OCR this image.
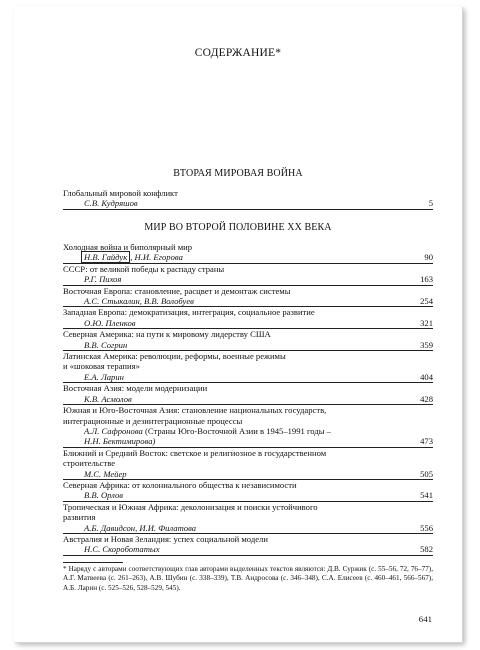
СОДЕРЖАНИЕ*
ВТОРАЯ МИРОВАЯ ВОЙНА
Глобальный мировой конфликт
С.В. Кудряшов	5
МИР ВО ВТОРОЙ ПОЛОВИНЕ XX ВЕКА
Холодная война и биполярный мир
Н.В. Гайдук , Н.И. Егорова	90
СССР: от великой победы к распаду страны
Р.Г. Пихоя	163
Восточная Европа: становление, расцвет и демонтаж системы
А.С. Стыкалин, В.В. Волобуев	254
Западная Европа: демократизация, интеграция, социальное развитие
О.Ю. Пленков	321
Северная Америка: на пути к мировому лидерству США
В.В. Согрин	359
Латинская Америка: революции, реформы, военные режимы
и «шоковая терапия»
Е.А. Ларин	404
Восточная Азия: модели модернизации
К.В. Асмолов	428
Южная и Юго-Восточная Азия: становление национальных государств,
интеграционные и дезинтеграционные процессы
А.Л. Сафронова (Страны Юго-Восточной Азии в 1945–1991 годы –
Н.Н. Бектимирова)	473
Ближний и Средний Восток: светское и религиозное в государственном
строительстве
М.С. Мейер	505
Северная Африка: от колониального общества к независимости
В.В. Орлов	541
Тропическая и Южная Африка: деколонизация и поиски устойчивого
развития
А.Б. Давидсон, И.И. Филатова	556
Австралия и Новая Зеландия: успех социальной модели
Н.С. Скороботатых	582
* Наряду с авторами соответствующих глав авторами выделенных текстов являются: Д.В. Суржик (с. 55–56, 72, 76–77), А.Г. Матвеева (с. 261–263), А.В. Шубин (с. 338–339), Т.В. Андросова (с. 346–348), С.А. Елисеев (с. 460–461, 566–567), А.Б. Ларин (с. 525–526, 528–529, 545).
641
